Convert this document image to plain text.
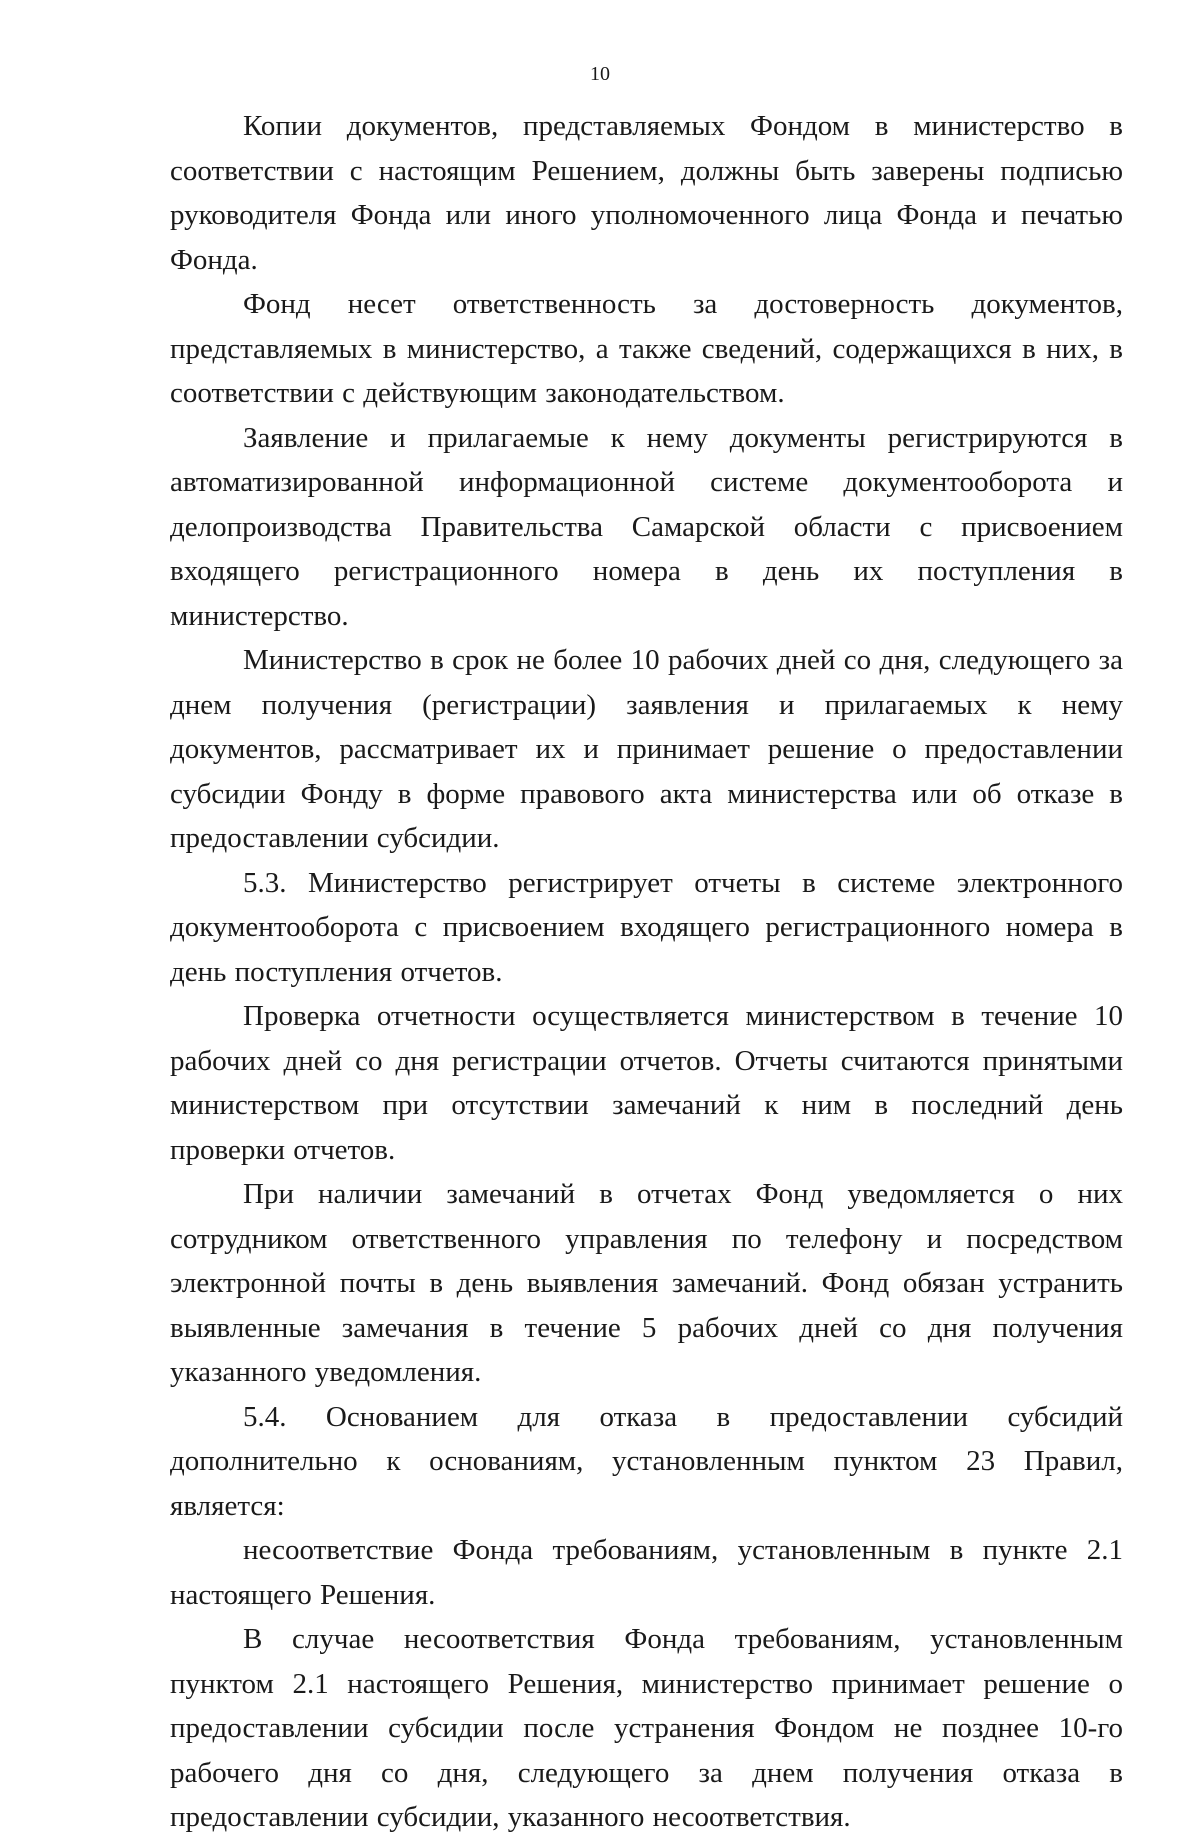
10

Копии документов, представляемых Фондом в министерство в соответствии с настоящим Решением, должны быть заверены подписью руководителя Фонда или иного уполномоченного лица Фонда и печатью Фонда.

Фонд несет ответственность за достоверность документов, представляемых в министерство, а также сведений, содержащихся в них, в соответствии с действующим законодательством.

Заявление и прилагаемые к нему документы регистрируются в автоматизированной информационной системе документооборота и делопроизводства Правительства Самарской области с присвоением входящего регистрационного номера в день их поступления в министерство.

Министерство в срок не более 10 рабочих дней со дня, следующего за днем получения (регистрации) заявления и прилагаемых к нему документов, рассматривает их и принимает решение о предоставлении субсидии Фонду в форме правового акта министерства или об отказе в предоставлении субсидии.

5.3. Министерство регистрирует отчеты в системе электронного документооборота с присвоением входящего регистрационного номера в день поступления отчетов.

Проверка отчетности осуществляется министерством в течение 10 рабочих дней со дня регистрации отчетов. Отчеты считаются принятыми министерством при отсутствии замечаний к ним в последний день проверки отчетов.

При наличии замечаний в отчетах Фонд уведомляется о них сотрудником ответственного управления по телефону и посредством электронной почты в день выявления замечаний. Фонд обязан устранить выявленные замечания в течение 5 рабочих дней со дня получения указанного уведомления.

5.4. Основанием для отказа в предоставлении субсидий дополнительно к основаниям, установленным пунктом 23 Правил, является:

несоответствие Фонда требованиям, установленным в пункте 2.1 настоящего Решения.

В случае несоответствия Фонда требованиям, установленным пунктом 2.1 настоящего Решения, министерство принимает решение о предоставлении субсидии после устранения Фондом не позднее 10-го рабочего дня со дня, следующего за днем получения отказа в предоставлении субсидии, указанного несоответствия.
